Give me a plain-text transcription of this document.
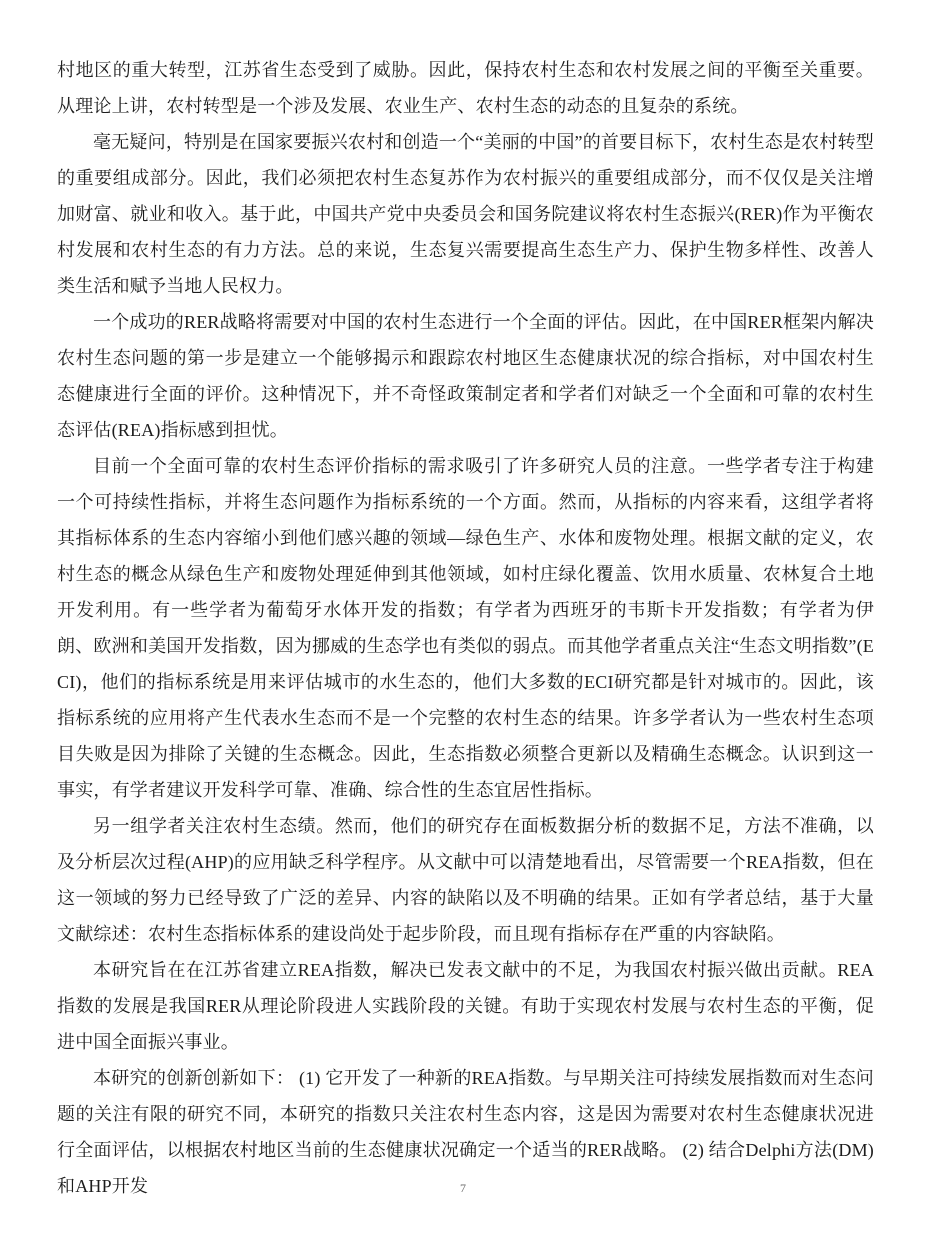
村地区的重大转型，江苏省生态受到了威胁。因此，保持农村生态和农村发展之间的平衡至关重要。从理论上讲，农村转型是一个涉及发展、农业生产、农村生态的动态的且复杂的系统。

毫无疑问，特别是在国家要振兴农村和创造一个“美丽的中国”的首要目标下，农村生态是农村转型的重要组成部分。因此，我们必须把农村生态复苏作为农村振兴的重要组成部分，而不仅仅是关注增加财富、就业和收入。基于此，中国共产党中央委员会和国务院建议将农村生态振兴(RER)作为平衡农村发展和农村生态的有力方法。总的来说，生态复兴需要提高生态生产力、保护生物多样性、改善人类生活和赋予当地人民权力。

一个成功的RER战略将需要对中国的农村生态进行一个全面的评估。因此，在中国RER框架内解决农村生态问题的第一步是建立一个能够揭示和跟踪农村地区生态健康状况的综合指标，对中国农村生态健康进行全面的评价。这种情况下，并不奇怪政策制定者和学者们对缺乏一个全面和可靠的农村生态评估(REA)指标感到担忧。

目前一个全面可靠的农村生态评价指标的需求吸引了许多研究人员的注意。一些学者专注于构建一个可持续性指标，并将生态问题作为指标系统的一个方面。然而，从指标的内容来看，这组学者将其指标体系的生态内容缩小到他们感兴趣的领域—绿色生产、水体和废物处理。根据文献的定义，农村生态的概念从绿色生产和废物处理延伸到其他领域，如村庄绿化覆盖、饮用水质量、农林复合土地开发利用。有一些学者为葡萄牙水体开发的指数；有学者为西班牙的韦斯卡开发指数；有学者为伊朗、欧洲和美国开发指数，因为挪威的生态学也有类似的弱点。而其他学者重点关注“生态文明指数”(ECI)，他们的指标系统是用来评估城市的水生态的，他们大多数的ECI研究都是针对城市的。因此，该指标系统的应用将产生代表水生态而不是一个完整的农村生态的结果。许多学者认为一些农村生态项目失败是因为排除了关键的生态概念。因此，生态指数必须整合更新以及精确生态概念。认识到这一事实，有学者建议开发科学可靠、准确、综合性的生态宜居性指标。

另一组学者关注农村生态绩。然而，他们的研究存在面板数据分析的数据不足，方法不准确，以及分析层次过程(AHP)的应用缺乏科学程序。从文献中可以清楚地看出，尽管需要一个REA指数，但在这一领域的努力已经导致了广泛的差异、内容的缺陷以及不明确的结果。正如有学者总结，基于大量文献综述：农村生态指标体系的建设尚处于起步阶段，而且现有指标存在严重的内容缺陷。

本研究旨在在江苏省建立REA指数，解决已发表文献中的不足，为我国农村振兴做出贡献。REA指数的发展是我国RER从理论阶段进人实践阶段的关键。有助于实现农村发展与农村生态的平衡，促进中国全面振兴事业。

本研究的创新创新如下： (1) 它开发了一种新的REA指数。与早期关注可持续发展指数而对生态问题的关注有限的研究不同，本研究的指数只关注农村生态内容，这是因为需要对农村生态健康状况进行全面评估，以根据农村地区当前的生态健康状况确定一个适当的RER战略。 (2) 结合Delphi方法(DM)和AHP开发	7
